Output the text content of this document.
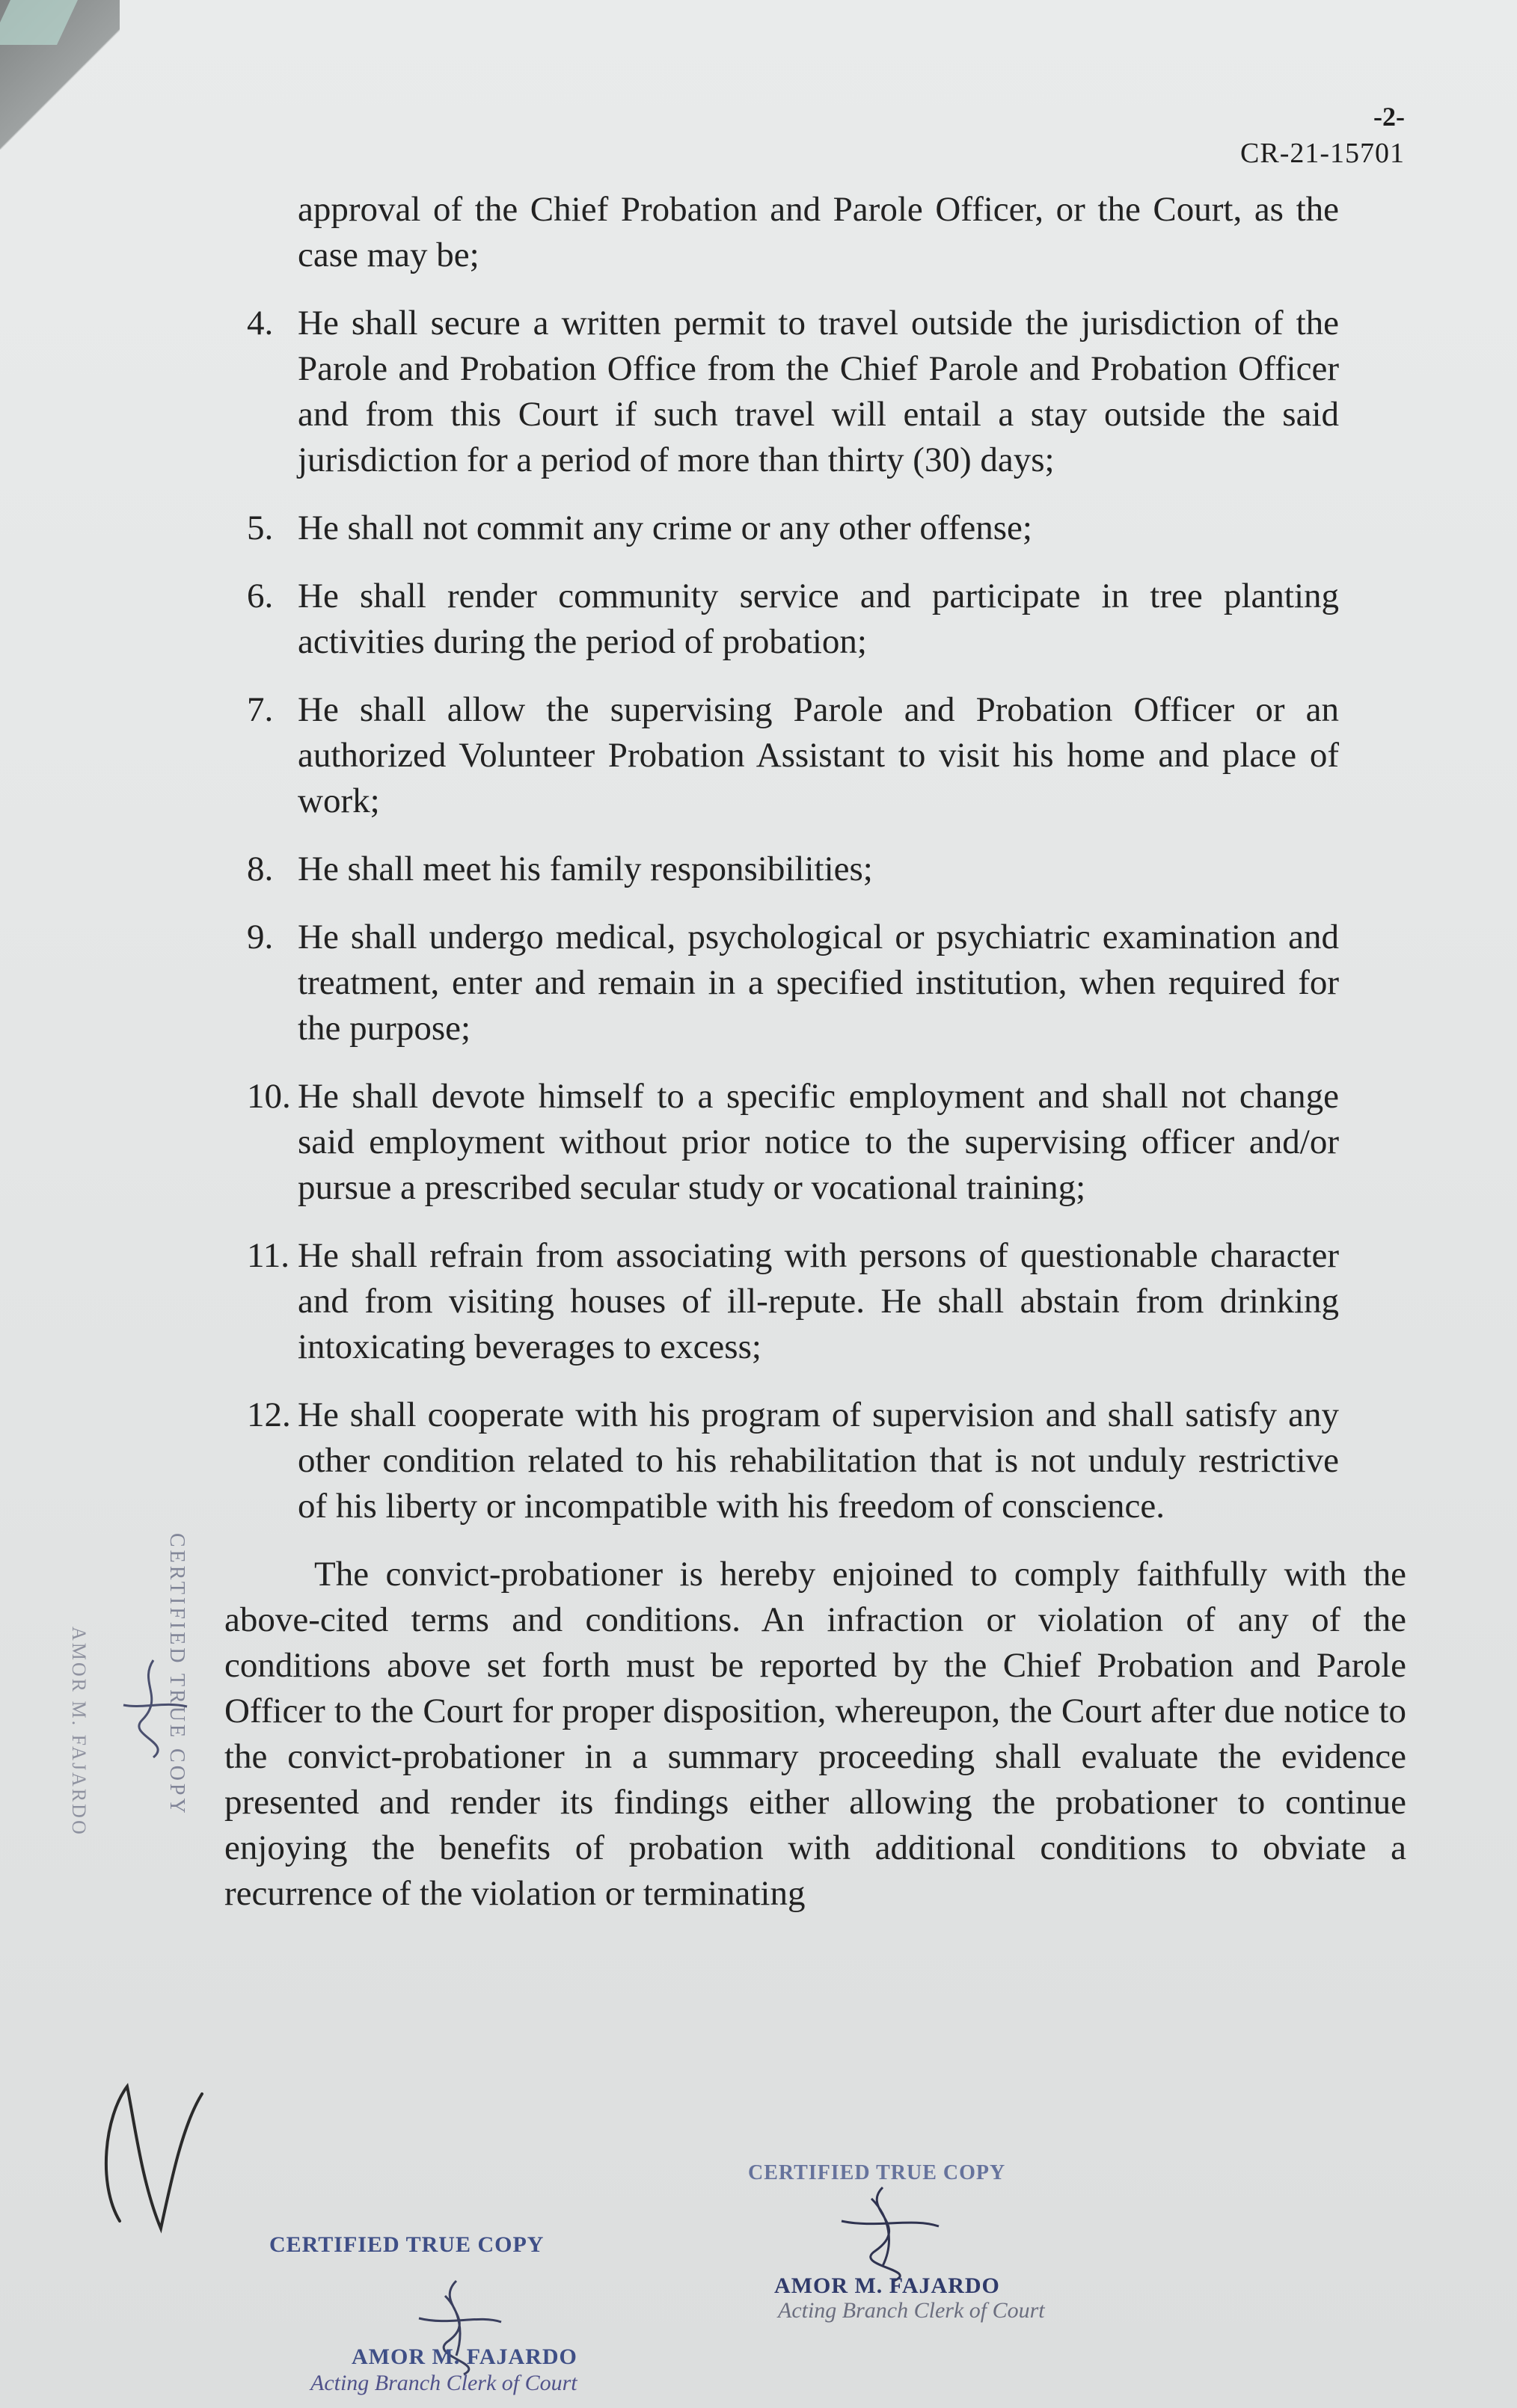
-2-
CR-21-15701
approval of the Chief Probation and Parole Officer, or the Court, as the case may be;
4. He shall secure a written permit to travel outside the jurisdiction of the Parole and Probation Office from the Chief Parole and Probation Officer and from this Court if such travel will entail a stay outside the said jurisdiction for a period of more than thirty (30) days;
5. He shall not commit any crime or any other offense;
6. He shall render community service and participate in tree planting activities during the period of probation;
7. He shall allow the supervising Parole and Probation Officer or an authorized Volunteer Probation Assistant to visit his home and place of work;
8. He shall meet his family responsibilities;
9. He shall undergo medical, psychological or psychiatric examination and treatment, enter and remain in a specified institution, when required for the purpose;
10. He shall devote himself to a specific employment and shall not change said employment without prior notice to the supervising officer and/or pursue a prescribed secular study or vocational training;
11. He shall refrain from associating with persons of questionable character and from visiting houses of ill-repute. He shall abstain from drinking intoxicating beverages to excess;
12. He shall cooperate with his program of supervision and shall satisfy any other condition related to his rehabilitation that is not unduly restrictive of his liberty or incompatible with his freedom of conscience.
The convict-probationer is hereby enjoined to comply faithfully with the above-cited terms and conditions. An infraction or violation of any of the conditions above set forth must be reported by the Chief Probation and Parole Officer to the Court for proper disposition, whereupon, the Court after due notice to the convict-probationer in a summary proceeding shall evaluate the evidence presented and render its findings either allowing the probationer to continue enjoying the benefits of probation with additional conditions to obviate a recurrence of the violation or terminating
CERTIFIED TRUE COPY
AMOR M. FAJARDO
CERTIFIED TRUE COPY
AMOR M. FAJARDO
Acting Branch Clerk of Court
CERTIFIED TRUE COPY
AMOR M. FAJARDO
Acting Branch Clerk of Court
